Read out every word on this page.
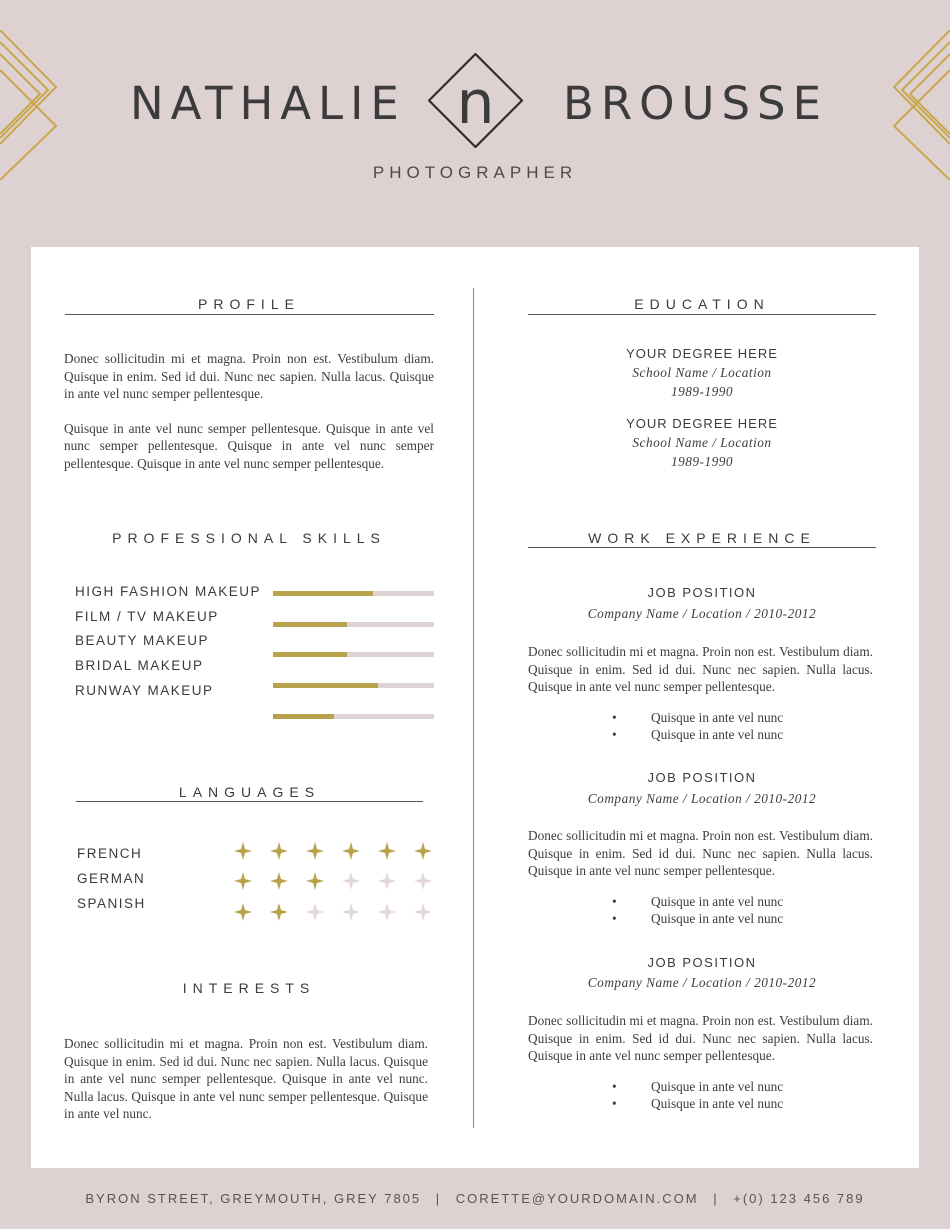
NATHALIE n BROUSSE
PHOTOGRAPHER
PROFILE

Donec sollicitudin mi et magna. Proin non est. Vestibulum diam. Quisque in enim. Sed id dui. Nunc nec sapien. Nulla lacus. Quisque in ante vel nunc semper pellentesque.

Quisque in ante vel nunc semper pellentesque. Quisque in ante vel nunc semper pellentesque. Quisque in ante vel nunc semper pellentesque. Quisque in ante vel nunc semper pellentesque.

PROFESSIONAL SKILLS
HIGH FASHION MAKEUP
FILM / TV MAKEUP
BEAUTY MAKEUP
BRIDAL MAKEUP
RUNWAY MAKEUP
LANGUAGES
FRENCH
GERMAN
SPANISH
INTERESTS
Donec sollicitudin mi et magna. Proin non est. Vestibulum diam. Quisque in enim. Sed id dui. Nunc nec sapien. Nulla lacus. Quisque in ante vel nunc semper pellentesque. Quisque in ante vel nunc. Nulla lacus. Quisque in ante vel nunc semper pellentesque. Quisque in ante vel nunc.
EDUCATION
YOUR DEGREE HERE
School Name / Location
1989-1990
YOUR DEGREE HERE
School Name / Location
1989-1990
WORK EXPERIENCE
JOB POSITION
Company Name / Location / 2010-2012
Donec sollicitudin mi et magna. Proin non est. Vestibulum diam. Quisque in enim. Sed id dui. Nunc nec sapien. Nulla lacus. Quisque in ante vel nunc semper pellentesque.
•	Quisque in ante vel nunc
•	Quisque in ante vel nunc
JOB POSITION
Company Name / Location / 2010-2012
Donec sollicitudin mi et magna. Proin non est. Vestibulum diam. Quisque in enim. Sed id dui. Nunc nec sapien. Nulla lacus. Quisque in ante vel nunc semper pellentesque.
•	Quisque in ante vel nunc
•	Quisque in ante vel nunc
JOB POSITION
Company Name / Location / 2010-2012
Donec sollicitudin mi et magna. Proin non est. Vestibulum diam. Quisque in enim. Sed id dui. Nunc nec sapien. Nulla lacus. Quisque in ante vel nunc semper pellentesque.
•	Quisque in ante vel nunc
•	Quisque in ante vel nunc
BYRON STREET, GREYMOUTH, GREY 7805 | CORETTE@YOURDOMAIN.COM | +(0) 123 456 789
